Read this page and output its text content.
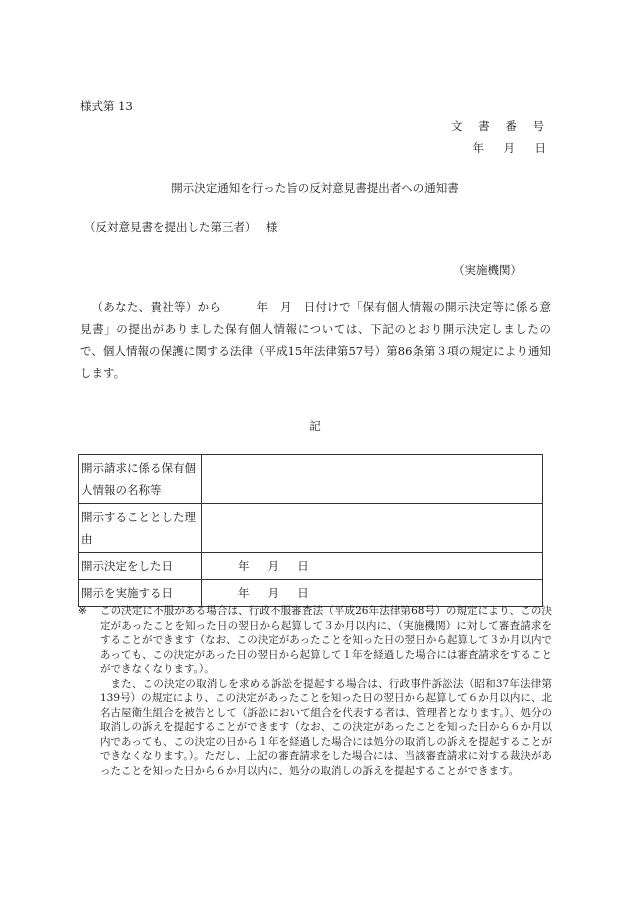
様式第 13

文 書 番 号

年　月　日

開示決定通知を行った旨の反対意見書提出者への通知書

（反対意見書を提出した第三者）　 様

（実施機関）

（あなた、貴社等）から　　　年　月　日付けで「保有個人情報の開示決定等に係る意見書」の提出がありました保有個人情報については、下記のとおり開示決定しましたので、個人情報の保護に関する法律（平成15年法律第57号）第86条第３項の規定により通知します。

記

開示請求に係る保有個人情報の名称等	
開示することとした理由	
開示決定をした日	年　 月　 日
開示を実施する日	年　 月　 日
※ この決定に不服がある場合は、行政不服審査法（平成26年法律第68号）の規定により、この決定があったことを知った日の翌日から起算して３か月以内に、（実施機関）に対して審査請求をすることができます（なお、この決定があったことを知った日の翌日から起算して３か月以内であっても、この決定があった日の翌日から起算して１年を経過した場合には審査請求をすることができなくなります。）。

また、この決定の取消しを求める訴訟を提起する場合は、行政事件訴訟法（昭和37年法律第139号）の規定により、この決定があったことを知った日の翌日から起算して６か月以内に、北名古屋衛生組合を被告として（訴訟において組合を代表する者は、管理者となります。）、処分の取消しの訴えを提起することができます（なお、この決定があったことを知った日から６か月以内であっても、この決定の日から１年を経過した場合には処分の取消しの訴えを提起することができなくなります。）。ただし、上記の審査請求をした場合には、当該審査請求に対する裁決があったことを知った日から６か月以内に、処分の取消しの訴えを提起することができます。
